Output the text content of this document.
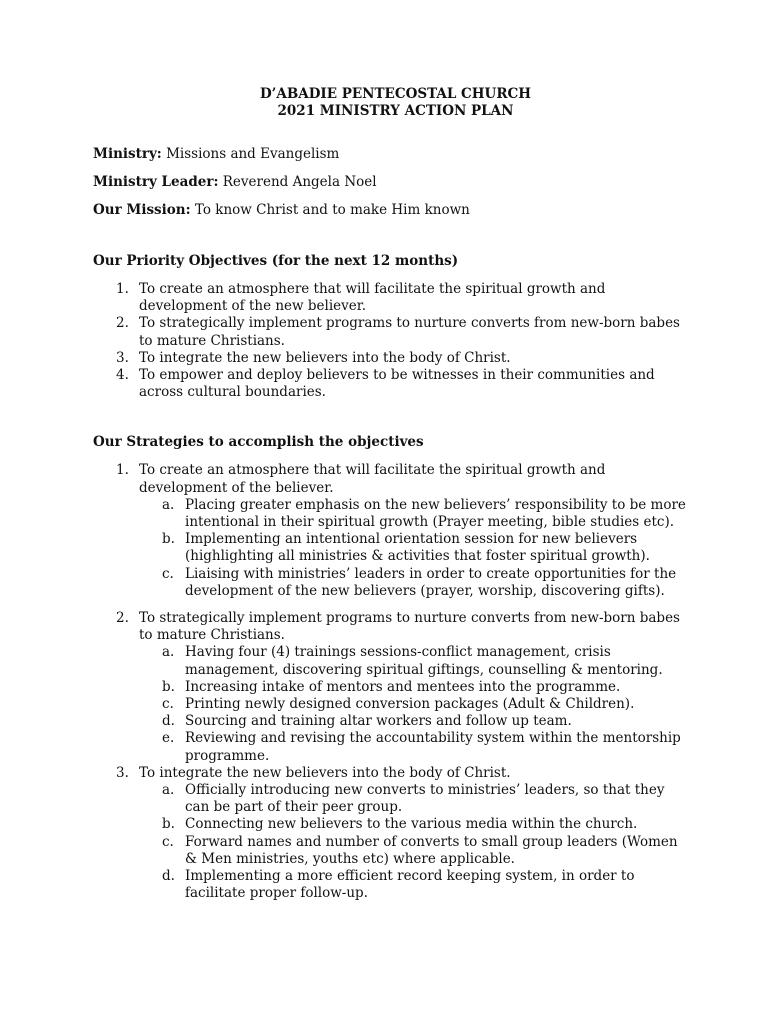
D’ABADIE PENTECOSTAL CHURCH
2021 MINISTRY ACTION PLAN
Ministry: Missions and Evangelism
Ministry Leader: Reverend Angela Noel
Our Mission: To know Christ and to make Him known
Our Priority Objectives (for the next 12 months)
1. To create an atmosphere that will facilitate the spiritual growth and development of the new believer.
2. To strategically implement programs to nurture converts from new-born babes to mature Christians.
3. To integrate the new believers into the body of Christ.
4. To empower and deploy believers to be witnesses in their communities and across cultural boundaries.
Our Strategies to accomplish the objectives
1. To create an atmosphere that will facilitate the spiritual growth and development of the believer.
a. Placing greater emphasis on the new believers’ responsibility to be more intentional in their spiritual growth (Prayer meeting, bible studies etc).
b. Implementing an intentional orientation session for new believers (highlighting all ministries & activities that foster spiritual growth).
c. Liaising with ministries’ leaders in order to create opportunities for the development of the new believers (prayer, worship, discovering gifts).
2. To strategically implement programs to nurture converts from new-born babes to mature Christians.
a. Having four (4) trainings sessions-conflict management, crisis management, discovering spiritual giftings, counselling & mentoring.
b. Increasing intake of mentors and mentees into the programme.
c. Printing newly designed conversion packages (Adult & Children).
d. Sourcing and training altar workers and follow up team.
e. Reviewing and revising the accountability system within the mentorship programme.
3. To integrate the new believers into the body of Christ.
a. Officially introducing new converts to ministries’ leaders, so that they can be part of their peer group.
b. Connecting new believers to the various media within the church.
c. Forward names and number of converts to small group leaders (Women & Men ministries, youths etc) where applicable.
d. Implementing a more efficient record keeping system, in order to facilitate proper follow-up.
